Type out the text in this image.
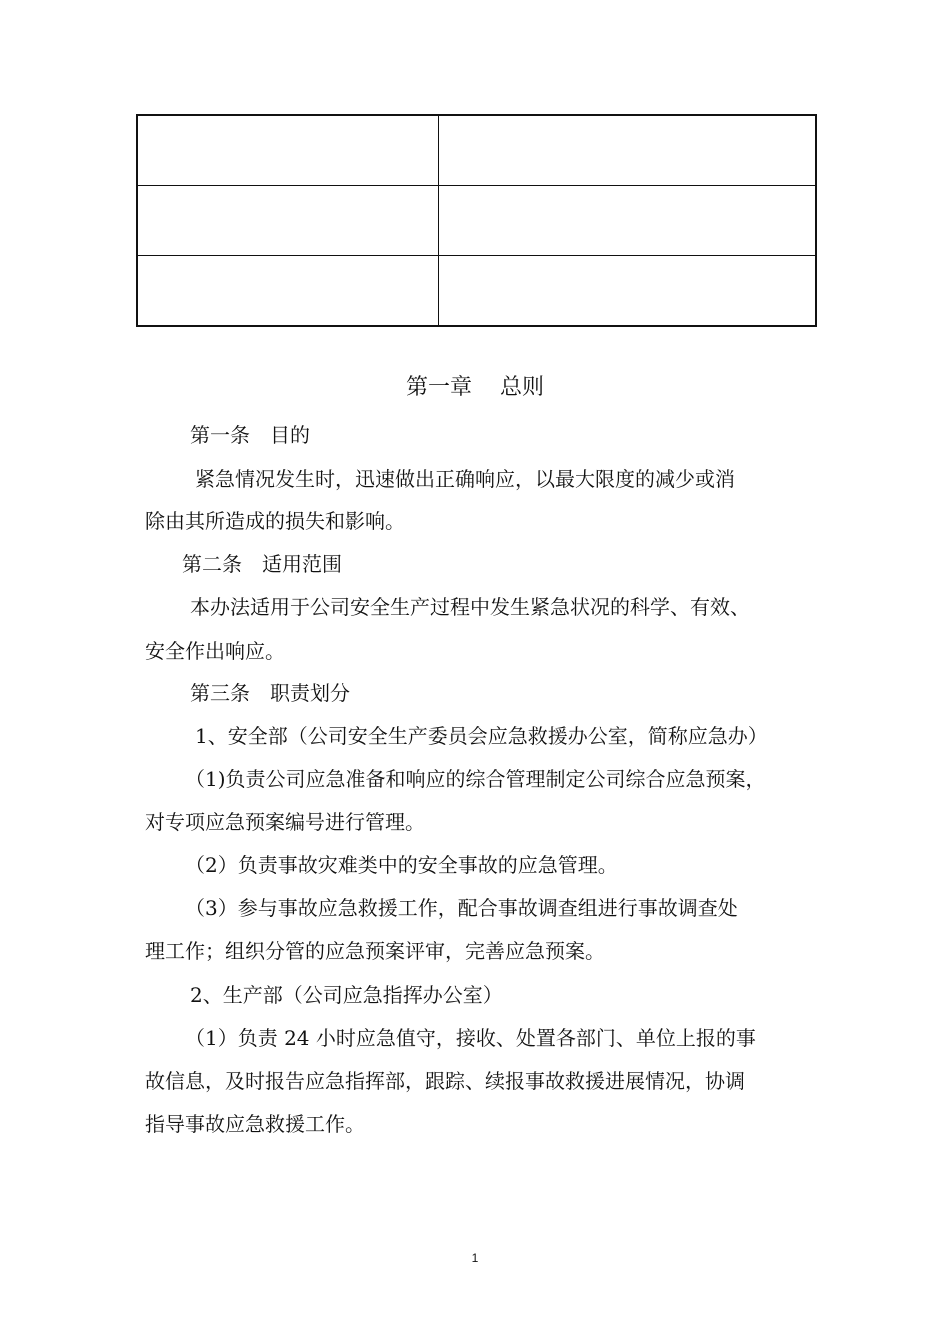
第一章 总则

第一条 目的

紧急情况发生时，迅速做出正确响应，以最大限度的减少或消

除由其所造成的损失和影响。

第二条 适用范围

本办法适用于公司安全生产过程中发生紧急状况的科学、有效、

安全作出响应。

第三条 职责划分

1、安全部（公司安全生产委员会应急救援办公室，简称应急办）

（1)负责公司应急准备和响应的综合管理制定公司综合应急预案，

对专项应急预案编号进行管理。

（2）负责事故灾难类中的安全事故的应急管理。

（3）参与事故应急救援工作，配合事故调查组进行事故调查处

理工作；组织分管的应急预案评审，完善应急预案。

2、生产部（公司应急指挥办公室）

（1）负责 24 小时应急值守，接收、处置各部门、单位上报的事

故信息，及时报告应急指挥部，跟踪、续报事故救援进展情况，协调

指导事故应急救援工作。

1
